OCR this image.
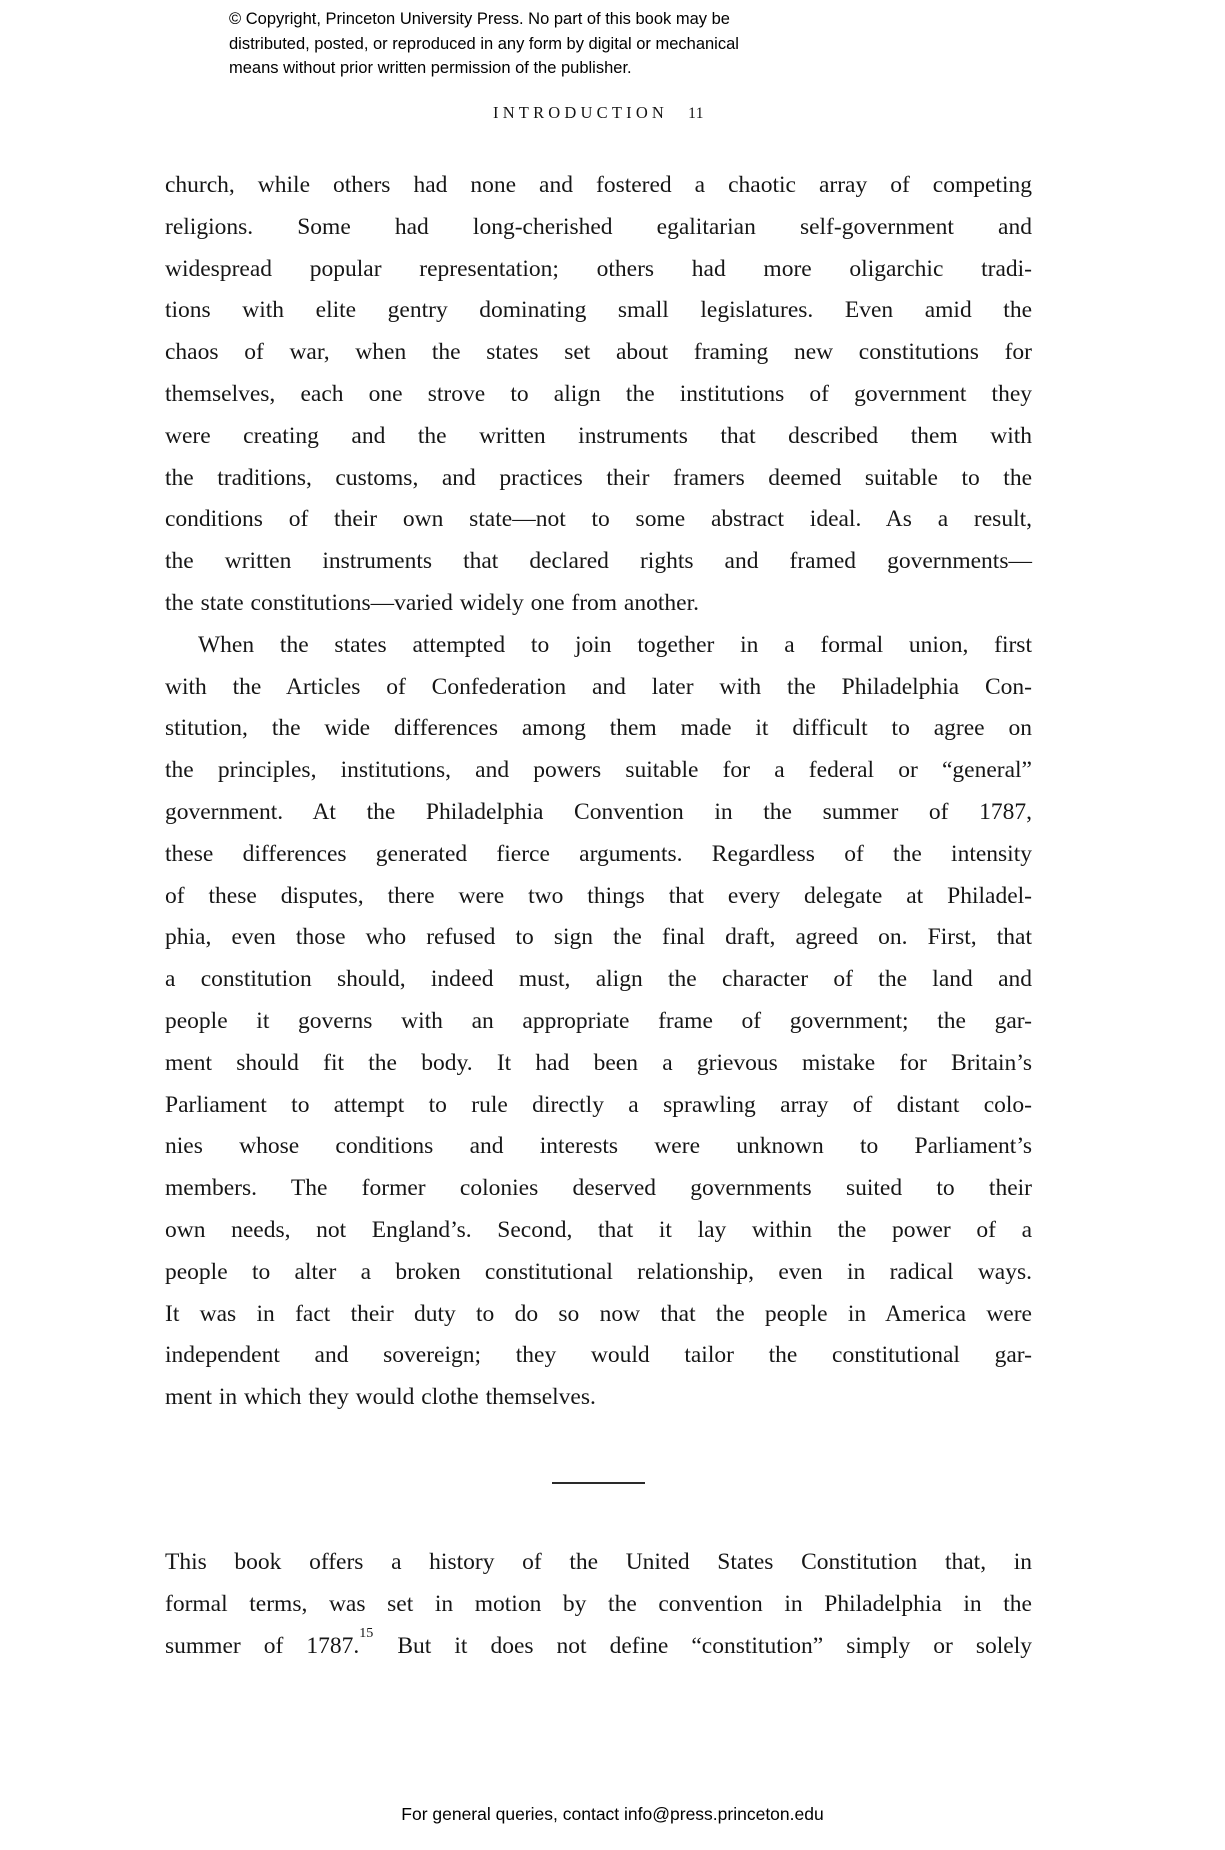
© Copyright, Princeton University Press. No part of this book may be
distributed, posted, or reproduced in any form by digital or mechanical
means without prior written permission of the publisher.
INTRODUCTION 11
church, while others had none and fostered a chaotic array of competing
religions. Some had long-cherished egalitarian self-government and
widespread popular representation; others had more oligarchic tradi-
tions with elite gentry dominating small legislatures. Even amid the
chaos of war, when the states set about framing new constitutions for
themselves, each one strove to align the institutions of government they
were creating and the written instruments that described them with
the traditions, customs, and practices their framers deemed suitable to the
conditions of their own state—not to some abstract ideal. As a result,
the written instruments that declared rights and framed governments—
the state constitutions—varied widely one from another.
When the states attempted to join together in a formal union, first
with the Articles of Confederation and later with the Philadelphia Con-
stitution, the wide differences among them made it difficult to agree on
the principles, institutions, and powers suitable for a federal or “general”
government. At the Philadelphia Convention in the summer of 1787,
these differences generated fierce arguments. Regardless of the intensity
of these disputes, there were two things that every delegate at Philadel-
phia, even those who refused to sign the final draft, agreed on. First, that
a constitution should, indeed must, align the character of the land and
people it governs with an appropriate frame of government; the gar-
ment should fit the body. It had been a grievous mistake for Britain’s
Parliament to attempt to rule directly a sprawling array of distant colo-
nies whose conditions and interests were unknown to Parliament’s
members. The former colonies deserved governments suited to their
own needs, not England’s. Second, that it lay within the power of a
people to alter a broken constitutional relationship, even in radical ways.
It was in fact their duty to do so now that the people in America were
independent and sovereign; they would tailor the constitutional gar-
ment in which they would clothe themselves.
This book offers a history of the United States Constitution that, in
formal terms, was set in motion by the convention in Philadelphia in the
summer of 1787.15 But it does not define “constitution” simply or solely
For general queries, contact info@press.princeton.edu
